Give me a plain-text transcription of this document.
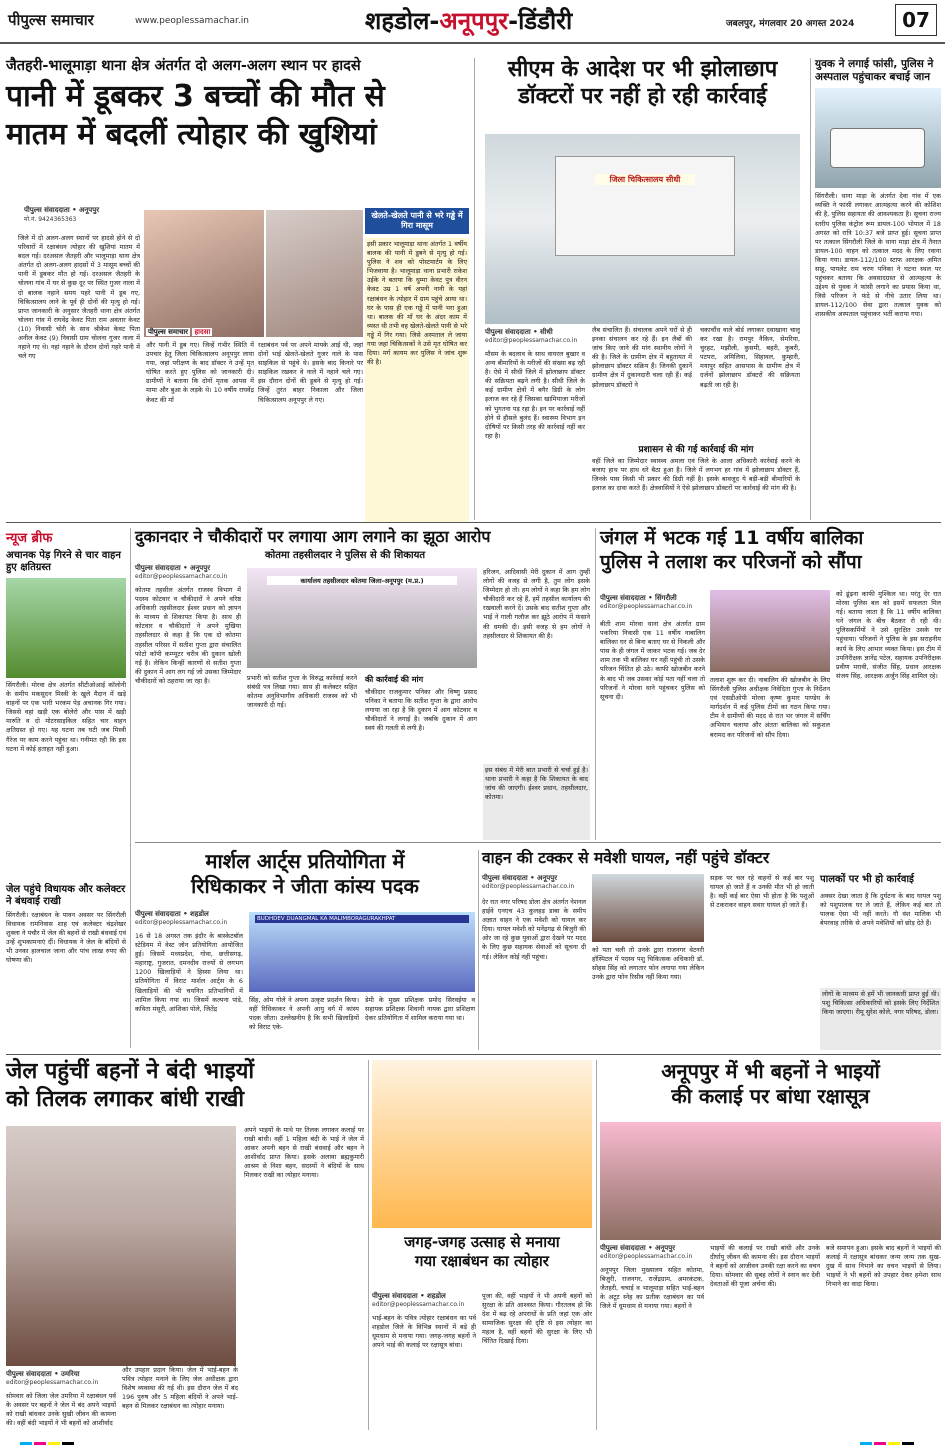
पीपुल्स समाचार	www.peoplessamachar.in	शहडोल-अनूपपुर-डिंडौरी	जबलपुर, मंगलवार 20 अगस्त 2024	07
जैतहरी-भालूमाड़ा थाना क्षेत्र अंतर्गत दो अलग-अलग स्थान पर हादसे
पानी में डूबकर 3 बच्चों की मौत से
मातम में बदलीं त्योहार की खुशियां
पीपुल्स संवाददाता • अनूपपुर
मो.नं. 9424365363
पीपुल्स समाचार हादसा
जिले में दो अलग-अलग स्थानों पर हादसे होने से दो परिवारों में रक्षाबंधन त्योहार की खुशियां मातम में बदल गई। दरअसल जैतहरी और भालूमाड़ा थाना क्षेत्र अंतर्गत दो अलग-अलग हादसों में 3 मासूम बच्चों की पानी में डूबकर मौत हो गई। दरअसल जैतहरी के चोलना गांव में घर से कुछ दूर पर स्थित गुजर नाला में दो बालक नहाने समय पहरे पानी में डूब गए, चिकित्सालय लाने के पूर्व ही दोनों की मृत्यु हो गई। प्राप्त जानकारी के अनुसार जैतहरी थाना क्षेत्र अंतर्गत चोलना गांव में राघवेंद्र केवट पिता राम अवतार केवट (10) निवासी चोरी के साथ श्रीकेश केवट पिता अनील केवट (9) निवासी ग्राम चोलना गुजर नाला में नहाने गए थे। नहां नहाने के दौरान दोनों गहरे पानी में चले गए
और पानी में डूब गए। जिन्हें गंभीर स्थिति में उपचार हेतु जिला चिकित्सालय अनूपपुर लाया गया, जहां परीक्षण के बाद डॉक्टर ने उन्हें मृत घोषित करते हुए पुलिस को जानकारी दी। ग्रामीणों ने बताया कि दोनों मृतक आपस में मामा और बुआ के लड़के थे। 10 वर्षीय राघवेंद्र केवट की माँ
रक्षाबंधन पर्व पर अपने मायके आई थी, जहां दोनों भाई खेलते-खेलते गुजर नाले के पास साइकिल से पहुंचे थे। इसके बाद किनारे पर साइकिल रखकर वे नाले में नहाने चले गए। इस दौरान दोनों की डूबने से मृत्यु हो गई। जिन्हें तुरंत बाहर निकाला और जिला चिकित्सालय अनूपपुर ले गए।
खेलते-खेलते पानी से भरे गड्ढे में गिरा मासूम
इसी प्रकार भालूमाड़ा थाना अंतर्गत 1 वर्षीय बालक की पानी में डूबने से मृत्यु हो गई। पुलिस ने शव को पोस्टमार्टम के लिए भिजवाया है। भालूमाड़ा थाना प्रभारी राकेश उईके ने बताया कि धुम्मा केवट पुत्र वीरन केवट उम्र 1 वर्ष अपनी नानी के यहां रक्षाबंधन के त्योहार में ग्राम पहुंचे आया था। घर के पास ही एक गड्ढे में पानी भरा हुआ था। बालक की माँ घर के अंदर काम में व्यस्त थी तभी वह खेलते-खेलते पानी से भरे गड्ढे में गिर गया। जिसे अस्पताल ले जाया गया जहां चिकित्सकों ने उसे मृत घोषित कर दिया। मर्ग कायम कर पुलिस ने जांच शुरू की है।
सीएम के आदेश पर भी झोलाछाप
डॉक्टरों पर नहीं हो रही कार्रवाई
जिला चिकित्सालय सीधी
पीपुल्स संवाददाता • सीधी
editor@peoplessamachar.co.in
मौसम के बदलाव के साथ वायरल बुखार व अन्य बीमारियों के मरीजों की संख्या बढ़ रही है। ऐसे में सीधी जिले में झोलाछाप डॉक्टर की सक्रियता बढ़ने लगी है। सीधी जिले के कई ग्रामीण क्षेत्रों में बगैर डिग्री के लोग इलाज कर रहे हैं जिसका खामियाजा मरीजों को भुगतना पड़ रहा है। इन पर कार्रवाई नहीं होने से हौसले बुलंद हैं। स्वास्थ्य विभाग इन दोषियों पर किसी तरह की कार्रवाई नहीं कर रहा है।
लैब संचालित हैं। संचालक अपने घरों से ही इनका संचालन कर रहे हैं। इन लैबों की जांच किए जाने की मांग स्थानीय लोगों ने की है। जिले के ग्रामीण क्षेत्र में बहुतायत में झोलाछाप डॉक्टर सक्रिय हैं। जिनकी दुकानें ग्रामीण क्षेत्र में दुकानदारी चला रही हैं। कई झोलाछाप डॉक्टरों ने
चकाचौंध वाले बोर्ड लगाकर दवाखाना चालू कर रखा है। रामपुर नैकिन, सेमरिया, चुरहट, मझौली, कुसमी, बहरी, कुबरी, पटपरा, अमिलिया, सिहावल, कुम्हारी, मयापुर सहित आसपास के ग्रामीण क्षेत्र में दर्जनों झोलाछाप डॉक्टरों की सक्रियता बढ़ती जा रही है।
प्रशासन से की गई कार्रवाई की मांग
वहीं जिले का जिम्मेदार स्वास्थ्य अमला एवं जिले के आला अधिकारी कार्रवाई करने के बजाए हाथ पर हाथ धरे बैठा हुआ है। जिले में लगभग हर गांव में झोलाछाप डॉक्टर हैं, जिनके पास किसी भी प्रकार की डिग्री नहीं है। इसके बावजूद ये बड़ी-बड़ी बीमारियों के इलाज का दावा करते हैं। क्षेत्रवासियों ने ऐसे झोलाछाप डॉक्टरों पर कार्रवाई की मांग की है।
युवक ने लगाई फांसी, पुलिस ने अस्पताल पहुंचाकर बचाई जान
सिंगरौली। थाना माड़ा के अंतर्गत देवा गांव में एक व्यक्ति ने फांसी लगाकर आत्महत्या करने की कोशिश की है, पुलिस सहायता की आवश्यकता है। सूचना राज्य स्तरीय पुलिस कंट्रोल रूम डायल-100 भोपाल में 18 अगस्त को रात्रि 10:37 बजे प्राप्त हुई। सूचना प्राप्त पर तत्काल सिंगरौली जिले के थाना माड़ा क्षेत्र में तैनात डायल-100 वाहन को तत्काल मदद के लिए रवाना किया गया। डायल-112/100 स्टाफ आरक्षक अमित साहू, पायलेट राम चरण पनिका ने घटना स्थल पर पहुंचकर बताया कि अवसादग्रस्त से आत्महत्या के उद्देश्य से युवक ने फांसी लगाने का प्रयास किया था, जिसे परिजन ने फंदे से नीचे उतार लिया था। डायल-112/100 सेवा द्वारा तत्काल युवक को शासकीय अस्पताल पहुंचाकर भर्ती कराया गया।
न्यूज ब्रीफ
अचानक पेड़ गिरने से चार वाहन हुए क्षतिग्रस्त
सिंगरौली। मोरवा क्षेत्र अंतर्गत सीटीओआई कॉलोनी के समीप मकसूदन मिस्त्री के खुले मैदान में खड़े वाहनों पर एक भारी भरकम पेड़ अचानक गिर गया। जिससे वहां खड़ी एक बोलेरो और पास में खड़ी मारुति व दो मोटरसाइकिल सहित चार वाहन क्षतिग्रस्त हो गए। यह घटना तब घटी जब मिस्त्री गैरेज पर काम करने पहुंचा था। गनीमत रही कि इस घटना में कोई हताहत नहीं हुआ।
जेल पहुंचे विधायक और कलेक्टर ने बंधवाई राखी
सिंगरौली। रक्षाबंधन के पावन अवसर पर सिंगरौली विधायक रामनिवास शाह एवं कलेक्टर चंद्रशेखर शुक्ला ने पचौर में जेल की बहनों से राखी बंधवाई एवं उन्हें शुभकामनाएं दीं। विधायक ने जेल के बंदियों से भी उनका हालचाल जाना और पांच लाख रुपए की घोषणा की।
दुकानदार ने चौकीदारों पर लगाया आग लगाने का झूठा आरोप
कोतमा तहसीलदार ने पुलिस से की शिकायत
पीपुल्स संवाददाता • अनूपपुर
editor@peoplessamachar.co.in
कोतमा तहसील अंतर्गत राजस्व विभाग में पदस्थ कोटवार व चौकीदारों ने अपने वरिष्ठ अधिकारी तहसीलदार ईश्वर प्रधान को ज्ञापन के माध्यम से शिकायत किया है। साथ ही कोटवार व चौकीदारों ने अपने मुखिया तहसीलदार से कहा है कि एक दो कोतमा तहसील परिसर में सतीश गुप्ता द्वारा संचालित फोटो कॉपी कम्प्यूटर चरीत्र की दुकान खोली गई है। लेकिन किन्हीं कारणों से सतीश गुप्ता की दुकान में आग लग गई जो उसका जिम्मेदार चौकीदारों को ठहराया जा रहा है।
कार्यालय तहसीलदार कोतमा जिला-अनूपपुर (म.प्र.)
प्रभारी को सतीश गुप्ता के विरुद्ध कार्रवाई करने संबंधी पत्र लिखा गया। साथ ही कलेक्टर सहित कोतमा अनुविभागीय अधिकारी राजस्व को भी जानकारी दी गई।
की कार्रवाई की मांग
चौकीदार राजकुमार पनिका और विष्णु प्रसाद पनिका ने बताया कि सतीश गुप्ता के द्वारा आरोप लगाया जा रहा है कि दुकान में आग कोटवार व चौकीदारों ने लगाई है। जबकि दुकान में आग स्वयं की गलती से लगी है।
हरिजन, आदिवासी मेरी दुकान में आग तुम्हीं लोगों की वजह से लगी है, तुम लोग इसके जिम्मेदार हो तो। हम लोगों ने कहा कि हम लोग चौकीदारी कर रहे हैं, हमें तहसील कार्यालय की रखवाली करने दें। उसके बाद सतीश गुप्ता और भाई ने गाली गलौज कर झूठे आरोप में फंसाने की धमकी दी। इसी वजह से हम लोगों ने तहसीलदार से शिकायत की है।
इस संबंध में मेरी बात प्रभारी से चर्चा हुई है। थाना प्रभारी ने कहा है कि शिकायत के बाद जांच की जाएगी। ईश्वर प्रधान, तहसीलदार, कोतमा।
जंगल में भटक गई 11 वर्षीय बालिका
पुलिस ने तलाश कर परिजनों को सौंपा
पीपुल्स संवाददाता • सिंगरौली
editor@peoplessamachar.co.in
बीती शाम मोरवा थाना क्षेत्र अंतर्गत ग्राम पकरिया निवासी एक 11 वर्षीय नाबालिग बालिका घर से बिना बताए घर से निकली और पास के ही जंगल में जाकर भटक गई। जब देर शाम तक भी बालिका घर नहीं पहुंची तो उसके परिजन चिंतित हो उठे। काफी खोजबीन करने के बाद भी जब उसका कोई पता नहीं चला तो परिजनों ने मोरवा थाने पहुंचकर पुलिस को सूचना दी।
तलाश शुरू कर दी। नाबालिग की खोजबीन के लिए सिंगरौली पुलिस अधीक्षक निवेदिता गुप्ता के निर्देशन एवं एसडीओपी मोरवा कृष्ण कुमार पाण्डेय के मार्गदर्शन में कई पुलिस टीमों का गठन किया गया। टीम ने ग्रामीणों की मदद से रात भर जंगल में सर्चिंग अभियान चलाया और अंततः बालिका को सकुशल बरामद कर परिजनों को सौंप दिया।
को ढूंढ़ना काफी मुश्किल था। परंतु देर रात मोरवा पुलिस बल को इसमें सफलता मिल गई। बताया जाता है कि 11 वर्षीय बालिका घने जंगल के बीच बैठकर रो रही थी। पुलिसकर्मियों ने उसे सुरक्षित उसके घर पहुंचाया। परिजनों ने पुलिस के इस सराहनीय कार्य के लिए आभार व्यक्त किया। इस टीम में उपनिरीक्षक ज्ञानेंद्र पटेल, सहायक उपनिरीक्षक प्रवीण मरावी, संजीत सिंह, प्रधान आरक्षक संजय सिंह, आरक्षक अर्जुन सिंह शामिल रहे।
मार्शल आर्ट्स प्रतियोगिता में
रिधिकाकर ने जीता कांस्य पदक
पीपुल्स संवाददाता • शहडोल
editor@peoplessamachar.co.in
16 से 18 अगस्त तक इंदौर के बास्केटबॉल स्टेडियम में वेस्ट जोन प्रतियोगिता आयोजित हुई। जिसमें मध्यप्रदेश, गोवा, छत्तीसगढ़, महाराष्ट्र, गुजरात, दमनदीव राज्यों से लगभग 1200 खिलाड़ियों ने हिस्सा लिया था। प्रतियोगिता में विराट मार्शल आर्ट्स के 6 खिलाड़ियों की भी चयनित प्रतिभागियों में शामिल किया गया था। जिसमें कल्पना पांडे, कविता मंसूरी, आंशिका पोले, जितेंद्र
BUDHDEV DUANGMAL KA MALIMBORAGURAKHPAT
सिंह, ओम गोले ने अपना उत्कृष्ट प्रदर्शन किया। वहीं रिधिकाकर ने अपनी आयु वर्ग में कांस्य पदक जीता। उल्लेखनीय है कि सभी खिलाड़ियों को विराट एके-
डेमी के मुख्य प्रशिक्षक प्रमोद सिरवईया व सहायक प्रशिक्षक शिवानी नायक द्वारा प्रशिक्षण देकर प्रतियोगिता में शामिल कराया गया था।
वाहन की टक्कर से मवेशी घायल, नहीं पहुंचे डॉक्टर
पीपुल्स संवाददाता • अनूपपुर
editor@peoplessamachar.co.in
देर रात नगर परिषद डोला क्षेत्र अंतर्गत नेशनल हाईवे एनएच 43 कुलहड़ डाबा के समीप अज्ञात वाहन ने एक मवेशी को घायल कर दिया। घायल मवेशी को मनेंद्रगढ़ से बिजुरी की ओर जा रहे कुछ युवाओं द्वारा देखने पर मदद के लिए कुछ सहायक सेवाओं को सूचना दी गई। लेकिन कोई नहीं पहुंचा।
को पता चली तो उनके द्वारा राजनगर वेटनरी हॉस्पिटल में पदस्थ पशु चिकित्सक अधिकारी डॉ. सोहस सिंह को लगातार फोन लगाया गया लेकिन उनके द्वारा फोन रिसीव नहीं किया गया।
सड़क पर चल रहे वाहनों से कई बार पशु घायल हो जाते हैं व उनकी मौत भी हो जाती है। वहीं कई बार ऐसा भी होता है कि पशुओं से टकराकर वाहन सवार घायल हो जाते हैं।
पालकों पर भी हो कार्रवाई
अक्सर देखा जाता है कि दुर्घटना के बाद घायल पशु को पशुपालक घर ले जाते हैं, लेकिन कई बार तो पालक ऐसा भी नहीं करते। गौ वंश मालिक भी बेपरवाह तरीके से अपने मवेशियों को छोड़ देते हैं।
लोगों के माध्यम से हमें भी जानकारी प्राप्त हुई थी। पशु चिकित्सा अधिकारियों को इसके लिए निर्देशित किया जाएगा। रीमू सुरेश कोले, नगर परिषद, डोला।
जेल पहुंचीं बहनों ने बंदी भाइयों
को तिलक लगाकर बांधी राखी
पीपुल्स संवाददाता • उमरिया
editor@peoplessamachar.co.in
सोमवार को जिला जेल उमरिया में रक्षाबंधन पर्व के अवसर पर बहनों ने जेल में बंद अपने भाइयों को राखी बांधकर उनके सुखी जीवन की कामना की। वहीं बंदी भाइयों ने भी बहनों को आशीर्वाद
और उपहार प्रदान किया। जेल में भाई-बहन के पवित्र त्योहार मनाने के लिए जेल अधीक्षक द्वारा विशेष व्यवस्था की गई थी। इस दौरान जेल में बंद 196 पुरुष और 5 महिला बंदियों ने अपने भाई-बहन से मिलकर रक्षाबंधन का त्योहार मनाया।
अपने भाइयों के माथे पर तिलक लगाकर कलाई पर राखी बांधी। वहीं 1 महिला बंदी के भाई ने जेल में आकर अपनी बहन से राखी बंधवाई और बहन ने आशीर्वाद प्राप्त किया। इसके अलावा ब्रह्मकुमारी आश्रम से निशा बहन, सदस्यों ने बंदियों के साथ मिलकर राखी का त्योहार मनाया।
जगह-जगह उत्साह से मनाया
गया रक्षाबंधन का त्योहार
पीपुल्स संवाददाता • शहडोल
editor@peoplessamachar.co.in
भाई-बहन के पवित्र त्योहार रक्षाबंधन का पर्व शहडोल जिले के विभिन्न स्थानों में बड़े ही धूमधाम से मनाया गया। जगह-जगह बहनों ने अपने भाई की कलाई पर रक्षासूत्र बांधा।
पूजा की, वहीं भाइयों ने भी अपनी बहनों को सुरक्षा के प्रति आश्वस्त किया। गौरतलब हो कि देश में बढ़ रहे अपराधों के प्रति जहां एक ओर सामाजिक सुरक्षा की दृष्टि से इस त्योहार का महत्व है, वहीं बहनों की सुरक्षा के लिए भी चिंतित दिखाई दिया।
अनूपपुर में भी बहनों ने भाइयों
की कलाई पर बांधा रक्षासूत्र
पीपुल्स संवाददाता • अनूपपुर
editor@peoplessamachar.co.in
अनूपपुर जिला मुख्यालय सहित कोतमा, बिजुरी, राजनगर, राजेंद्रग्राम, अमरकंटक, जैतहरी, चचाई व भालूमाड़ा सहित भाई-बहन के अटूट स्नेह का प्रतीक रक्षाबंधन का पर्व जिले में धूमधाम से मनाया गया। बहनों ने
भाइयों की कलाई पर राखी बांधी और उनके दीर्घायु जीवन की कामना की। इस दौरान भाइयों ने बहनों को आजीवन उनकी रक्षा करने का वचन दिया। सोमवार की सुबह लोगों ने स्नान कर देवी देवताओं की पूजा अर्चना की।
बजे समापन हुआ। इसके बाद बहनों ने भाइयों की कलाई में रक्षासूत्र बांधकर जन्म जन्म तक सुख-दुख में साथ निभाने का वचन भाइयों से लिया। भाइयों ने भी बहनों को उपहार देकर हमेशा साथ निभाने का वादा किया।
